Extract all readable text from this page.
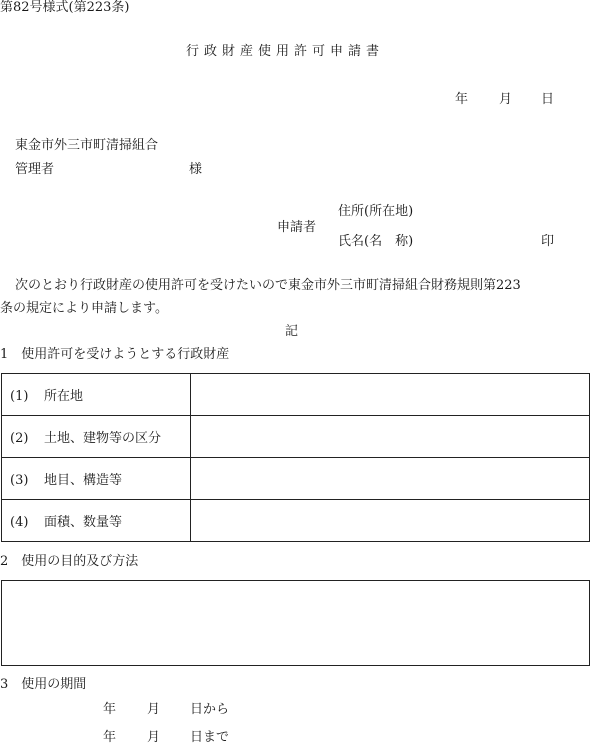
第82号様式(第223条)
行政財産使用許可申請書
年 月 日
東金市外三市町清掃組合
管理者	様
申請者
住所(所在地)
氏名(名　称)	印
次のとおり行政財産の使用許可を受けたいので東金市外三市町清掃組合財務規則第223
条の規定により申請します。
記
1　使用許可を受けようとする行政財産
(1) 所在地	
(2) 土地、建物等の区分	
(3) 地目、構造等	
(4) 面積、数量等	
2　使用の目的及び方法
3　使用の期間
年 月 日から
年 月 日まで
